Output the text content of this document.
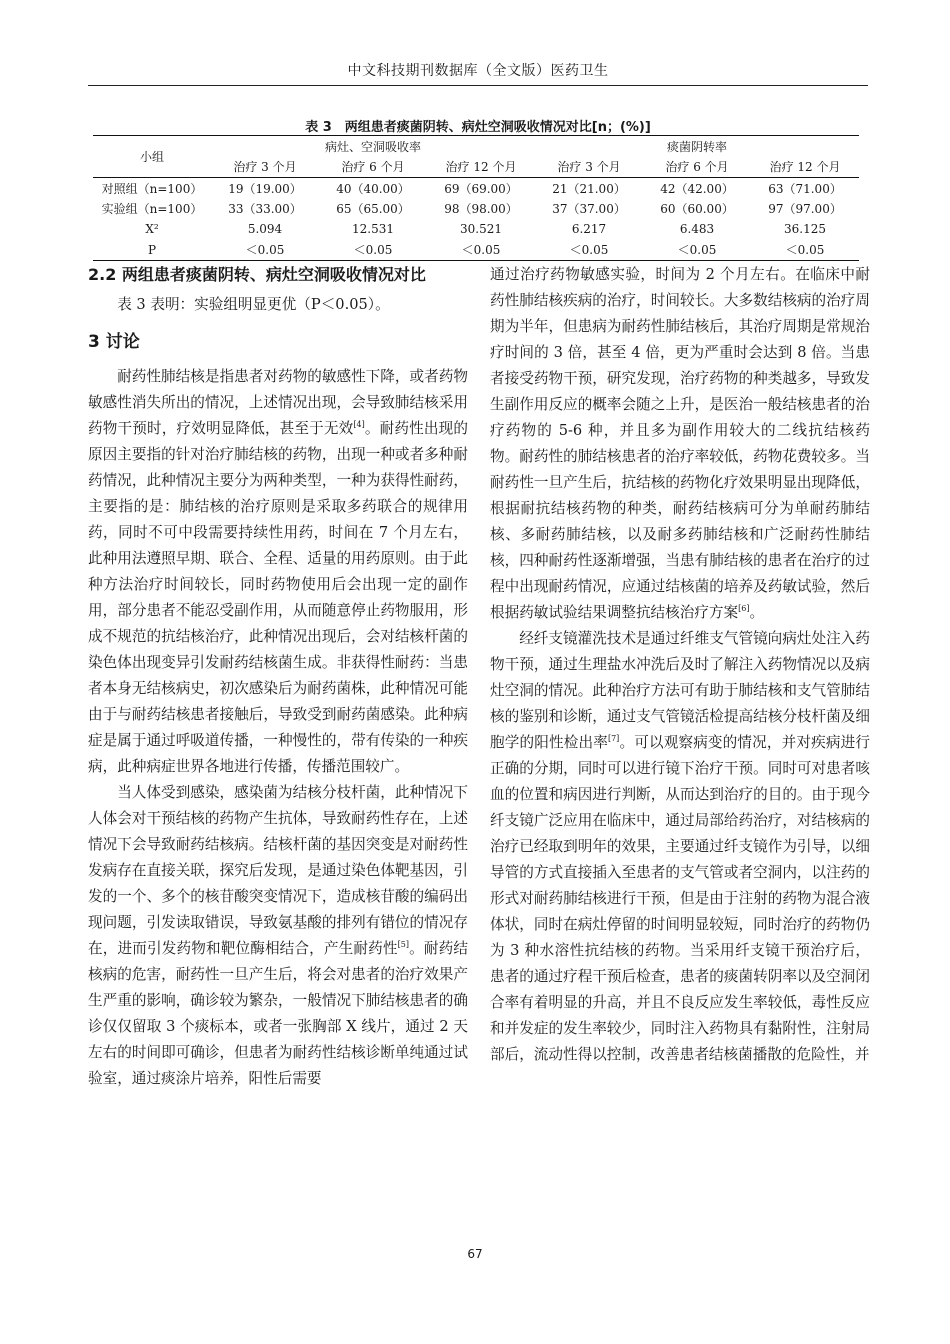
中文科技期刊数据库（全文版）医药卫生
表 3　两组患者痰菌阴转、病灶空洞吸收情况对比[n；(%)]
小组	病灶、空洞吸收率			痰菌阴转率		
	治疗 3 个月	治疗 6 个月	治疗 12 个月	治疗 3 个月	治疗 6 个月	治疗 12 个月
对照组（n=100）	19（19.00）	40（40.00）	69（69.00）	21（21.00）	42（42.00）	63（71.00）
实验组（n=100）	33（33.00）	65（65.00）	98（98.00）	37（37.00）	60（60.00）	97（97.00）
X²	5.094	12.531	30.521	6.217	6.483	36.125
P	＜0.05	＜0.05	＜0.05	＜0.05	＜0.05	＜0.05

2.2 两组患者痰菌阴转、病灶空洞吸收情况对比

表 3 表明：实验组明显更优（P＜0.05）。

3 讨论

耐药性肺结核是指患者对药物的敏感性下降，或者药物敏感性消失所出的情况，上述情况出现，会导致肺结核采用药物干预时，疗效明显降低，甚至于无效[4]。耐药性出现的原因主要指的针对治疗肺结核的药物，出现一种或者多种耐药情况，此种情况主要分为两种类型，一种为获得性耐药，主要指的是：肺结核的治疗原则是采取多药联合的规律用药，同时不可中段需要持续性用药，时间在 7 个月左右，此种用法遵照早期、联合、全程、适量的用药原则。由于此种方法治疗时间较长，同时药物使用后会出现一定的副作用，部分患者不能忍受副作用，从而随意停止药物服用，形成不规范的抗结核治疗，此种情况出现后，会对结核杆菌的染色体出现变异引发耐药结核菌生成。非获得性耐药：当患者本身无结核病史，初次感染后为耐药菌株，此种情况可能由于与耐药结核患者接触后，导致受到耐药菌感染。此种病症是属于通过呼吸道传播，一种慢性的，带有传染的一种疾病，此种病症世界各地进行传播，传播范围较广。

当人体受到感染，感染菌为结核分枝杆菌，此种情况下人体会对干预结核的药物产生抗体，导致耐药性存在，上述情况下会导致耐药结核病。结核杆菌的基因突变是对耐药性发病存在直接关联，探究后发现，是通过染色体靶基因，引发的一个、多个的核苷酸突变情况下，造成核苷酸的编码出现问题，引发读取错误，导致氨基酸的排列有错位的情况存在，进而引发药物和靶位酶相结合，产生耐药性[5]。耐药结核病的危害，耐药性一旦产生后，将会对患者的治疗效果产生严重的影响，确诊较为繁杂，一般情况下肺结核患者的确诊仅仅留取 3 个痰标本，或者一张胸部 X 线片，通过 2 天左右的时间即可确诊，但患者为耐药性结核诊断单纯通过试验室，通过痰涂片培养，阳性后需要

通过治疗药物敏感实验，时间为 2 个月左右。在临床中耐药性肺结核疾病的治疗，时间较长。大多数结核病的治疗周期为半年，但患病为耐药性肺结核后，其治疗周期是常规治疗时间的 3 倍，甚至 4 倍，更为严重时会达到 8 倍。当患者接受药物干预，研究发现，治疗药物的种类越多，导致发生副作用反应的概率会随之上升，是医治一般结核患者的治疗药物的 5-6 种，并且多为副作用较大的二线抗结核药物。耐药性的肺结核患者的治疗率较低，药物花费较多。当耐药性一旦产生后，抗结核的药物化疗效果明显出现降低，根据耐抗结核药物的种类，耐药结核病可分为单耐药肺结核、多耐药肺结核，以及耐多药肺结核和广泛耐药性肺结核，四种耐药性逐渐增强，当患有肺结核的患者在治疗的过程中出现耐药情况，应通过结核菌的培养及药敏试验，然后根据药敏试验结果调整抗结核治疗方案[6]。

经纤支镜灌洗技术是通过纤维支气管镜向病灶处注入药物干预，通过生理盐水冲洗后及时了解注入药物情况以及病灶空洞的情况。此种治疗方法可有助于肺结核和支气管肺结核的鉴别和诊断，通过支气管镜活检提高结核分枝杆菌及细胞学的阳性检出率[7]。可以观察病变的情况，并对疾病进行正确的分期，同时可以进行镜下治疗干预。同时可对患者咳血的位置和病因进行判断，从而达到治疗的目的。由于现今纤支镜广泛应用在临床中，通过局部给药治疗，对结核病的治疗已经取到明年的效果，主要通过纤支镜作为引导，以细导管的方式直接插入至患者的支气管或者空洞内，以注药的形式对耐药肺结核进行干预，但是由于注射的药物为混合液体状，同时在病灶停留的时间明显较短，同时治疗的药物仍为 3 种水溶性抗结核的药物。当采用纤支镜干预治疗后，患者的通过疗程干预后检查，患者的痰菌转阴率以及空洞闭合率有着明显的升高，并且不良反应发生率较低，毒性反应和并发症的发生率较少，同时注入药物具有黏附性，注射局部后，流动性得以控制，改善患者结核菌播散的危险性，并

67
